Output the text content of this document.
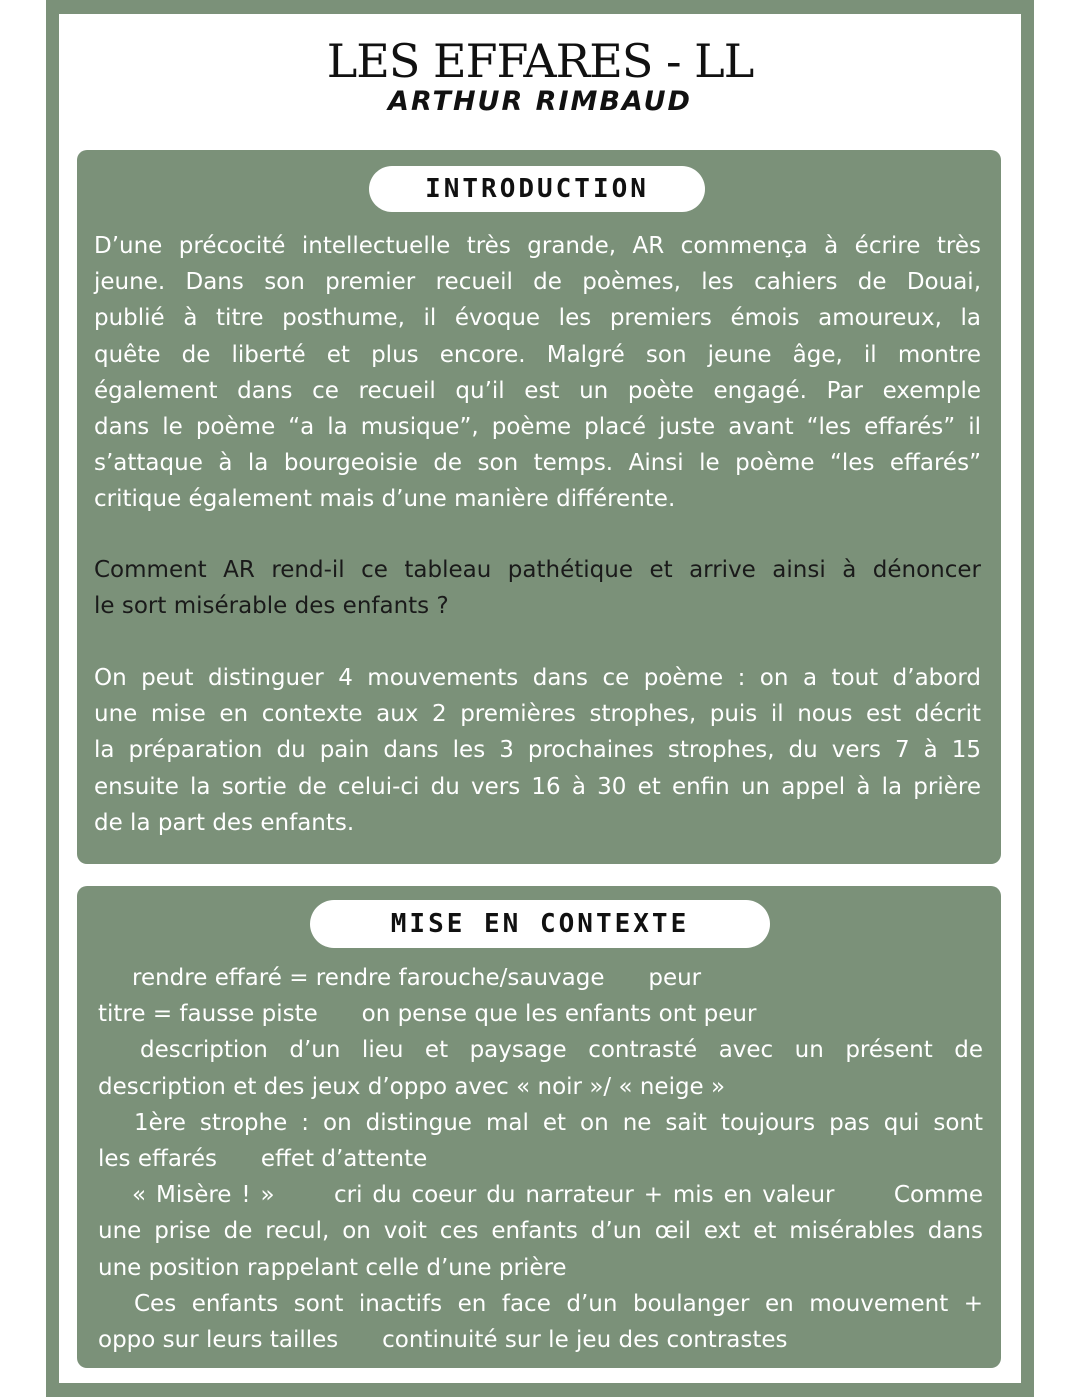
LES EFFARES - LL
ARTHUR RIMBAUD
INTRODUCTION
D’une précocité intellectuelle très grande, AR commença à écrire très
jeune. Dans son premier recueil de poèmes, les cahiers de Douai,
publié à titre posthume, il évoque les premiers émois amoureux, la
quête de liberté et plus encore. Malgré son jeune âge, il montre
également dans ce recueil qu’il est un poète engagé. Par exemple
dans le poème “a la musique”, poème placé juste avant “les effarés” il
s’attaque à la bourgeoisie de son temps. Ainsi le poème “les effarés”
critique également mais d’une manière différente.
Comment AR rend-il ce tableau pathétique et arrive ainsi à dénoncer
le sort misérable des enfants ?
On peut distinguer 4 mouvements dans ce poème : on a tout d’abord
une mise en contexte aux 2 premières strophes, puis il nous est décrit
la préparation du pain dans les 3 prochaines strophes, du vers 7 à 15
ensuite la sortie de celui-ci du vers 16 à 30 et enfin un appel à la prière
de la part des enfants.
MISE EN CONTEXTE
rendre effaré = rendre farouche/sauvage      peur
titre = fausse piste      on pense que les enfants ont peur
description d’un lieu et paysage contrasté avec un présent de
description et des jeux d’oppo avec « noir »/ « neige »
1ère strophe : on distingue mal et on ne sait toujours pas qui sont
les effarés      effet d’attente
« Misère ! »      cri du coeur du narrateur + mis en valeur      Comme
une prise de recul, on voit ces enfants d’un œil ext et misérables dans
une position rappelant celle d’une prière
Ces enfants sont inactifs en face d’un boulanger en mouvement +
oppo sur leurs tailles      continuité sur le jeu des contrastes
